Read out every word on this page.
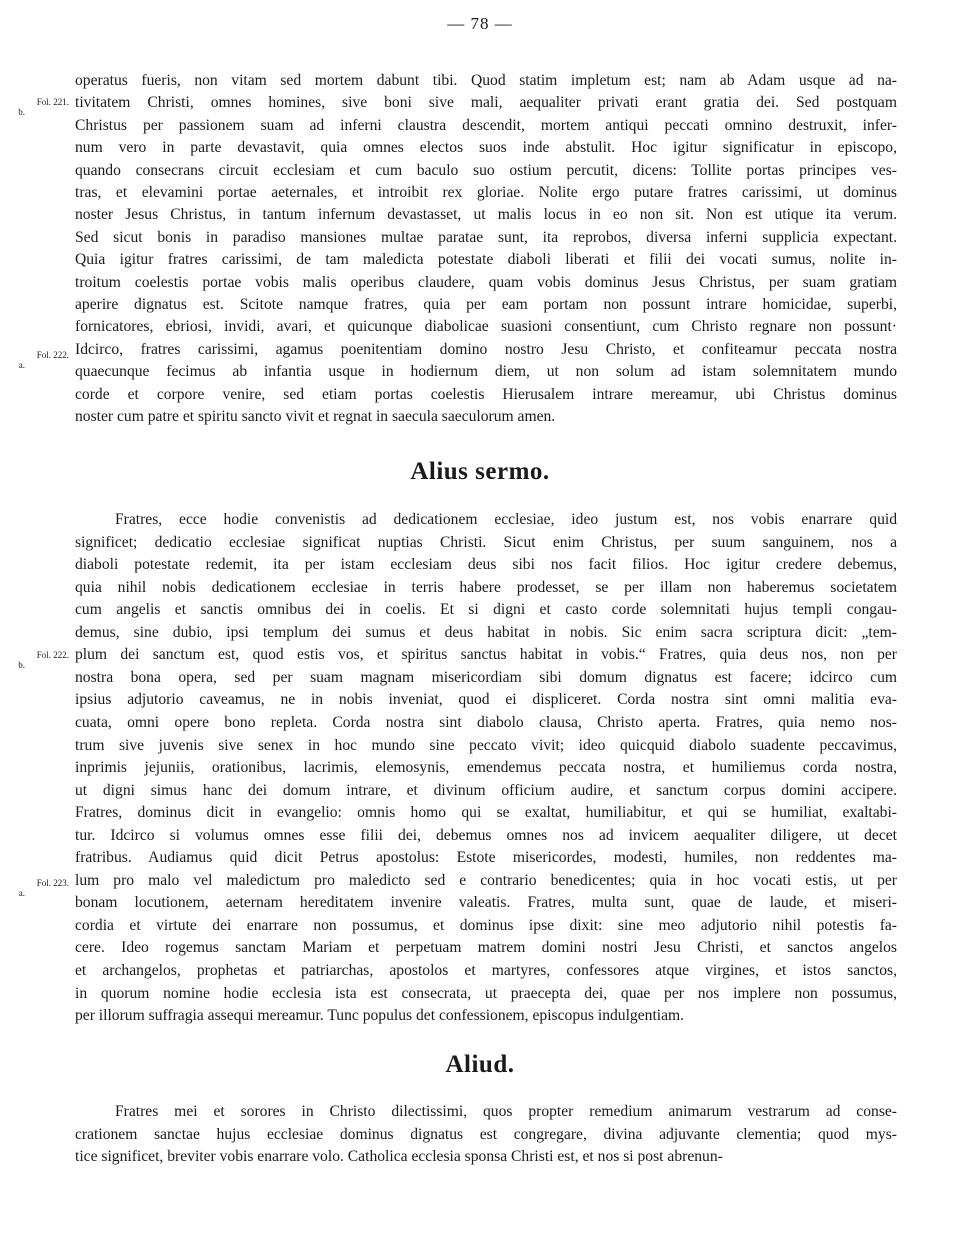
— 78 —
Fol. 221.
b.
Fol. 222.
a.
Fol. 222.
b.
Fol. 223.
a.
operatus fueris, non vitam sed mortem dabunt tibi. Quod statim impletum est; nam ab Adam usque ad na-
tivitatem Christi, omnes homines, sive boni sive mali, aequaliter privati erant gratia dei. Sed postquam
Christus per passionem suam ad inferni claustra descendit, mortem antiqui peccati omnino destruxit, infer-
num vero in parte devastavit, quia omnes electos suos inde abstulit. Hoc igitur significatur in episcopo,
quando consecrans circuit ecclesiam et cum baculo suo ostium percutit, dicens: Tollite portas principes ves-
tras, et elevamini portae aeternales, et introibit rex gloriae. Nolite ergo putare fratres carissimi, ut dominus
noster Jesus Christus, in tantum infernum devastasset, ut malis locus in eo non sit. Non est utique ita verum.
Sed sicut bonis in paradiso mansiones multae paratae sunt, ita reprobos, diversa inferni supplicia expectant.
Quia igitur fratres carissimi, de tam maledicta potestate diaboli liberati et filii dei vocati sumus, nolite in-
troitum coelestis portae vobis malis operibus claudere, quam vobis dominus Jesus Christus, per suam gratiam
aperire dignatus est. Scitote namque fratres, quia per eam portam non possunt intrare homicidae, superbi,
fornicatores, ebriosi, invidi, avari, et quicunque diabolicae suasioni consentiunt, cum Christo regnare non possunt·
Idcirco, fratres carissimi, agamus poenitentiam domino nostro Jesu Christo, et confiteamur peccata nostra
quaecunque fecimus ab infantia usque in hodiernum diem, ut non solum ad istam solemnitatem mundo
corde et corpore venire, sed etiam portas coelestis Hierusalem intrare mereamur, ubi Christus dominus
noster cum patre et spiritu sancto vivit et regnat in saecula saeculorum amen.
Alius sermo.
Fratres, ecce hodie convenistis ad dedicationem ecclesiae, ideo justum est, nos vobis enarrare quid
significet; dedicatio ecclesiae significat nuptias Christi. Sicut enim Christus, per suum sanguinem, nos a
diaboli potestate redemit, ita per istam ecclesiam deus sibi nos facit filios. Hoc igitur credere debemus,
quia nihil nobis dedicationem ecclesiae in terris habere prodesset, se per illam non haberemus societatem
cum angelis et sanctis omnibus dei in coelis. Et si digni et casto corde solemnitati hujus templi congau-
demus, sine dubio, ipsi templum dei sumus et deus habitat in nobis. Sic enim sacra scriptura dicit: „tem-
plum dei sanctum est, quod estis vos, et spiritus sanctus habitat in vobis.“ Fratres, quia deus nos, non per
nostra bona opera, sed per suam magnam misericordiam sibi domum dignatus est facere; idcirco cum
ipsius adjutorio caveamus, ne in nobis inveniat, quod ei displiceret. Corda nostra sint omni malitia eva-
cuata, omni opere bono repleta. Corda nostra sint diabolo clausa, Christo aperta. Fratres, quia nemo nos-
trum sive juvenis sive senex in hoc mundo sine peccato vivit; ideo quicquid diabolo suadente peccavimus,
inprimis jejuniis, orationibus, lacrimis, elemosynis, emendemus peccata nostra, et humiliemus corda nostra,
ut digni simus hanc dei domum intrare, et divinum officium audire, et sanctum corpus domini accipere.
Fratres, dominus dicit in evangelio: omnis homo qui se exaltat, humiliabitur, et qui se humiliat, exaltabi-
tur. Idcirco si volumus omnes esse filii dei, debemus omnes nos ad invicem aequaliter diligere, ut decet
fratribus. Audiamus quid dicit Petrus apostolus: Estote misericordes, modesti, humiles, non reddentes ma-
lum pro malo vel maledictum pro maledicto sed e contrario benedicentes; quia in hoc vocati estis, ut per
bonam locutionem, aeternam hereditatem invenire valeatis. Fratres, multa sunt, quae de laude, et miseri-
cordia et virtute dei enarrare non possumus, et dominus ipse dixit: sine meo adjutorio nihil potestis fa-
cere. Ideo rogemus sanctam Mariam et perpetuam matrem domini nostri Jesu Christi, et sanctos angelos
et archangelos, prophetas et patriarchas, apostolos et martyres, confessores atque virgines, et istos sanctos,
in quorum nomine hodie ecclesia ista est consecrata, ut praecepta dei, quae per nos implere non possumus,
per illorum suffragia assequi mereamur. Tunc populus det confessionem, episcopus indulgentiam.
Aliud.
Fratres mei et sorores in Christo dilectissimi, quos propter remedium animarum vestrarum ad conse-
crationem sanctae hujus ecclesiae dominus dignatus est congregare, divina adjuvante clementia; quod mys-
tice significet, breviter vobis enarrare volo. Catholica ecclesia sponsa Christi est, et nos si post abrenun-
